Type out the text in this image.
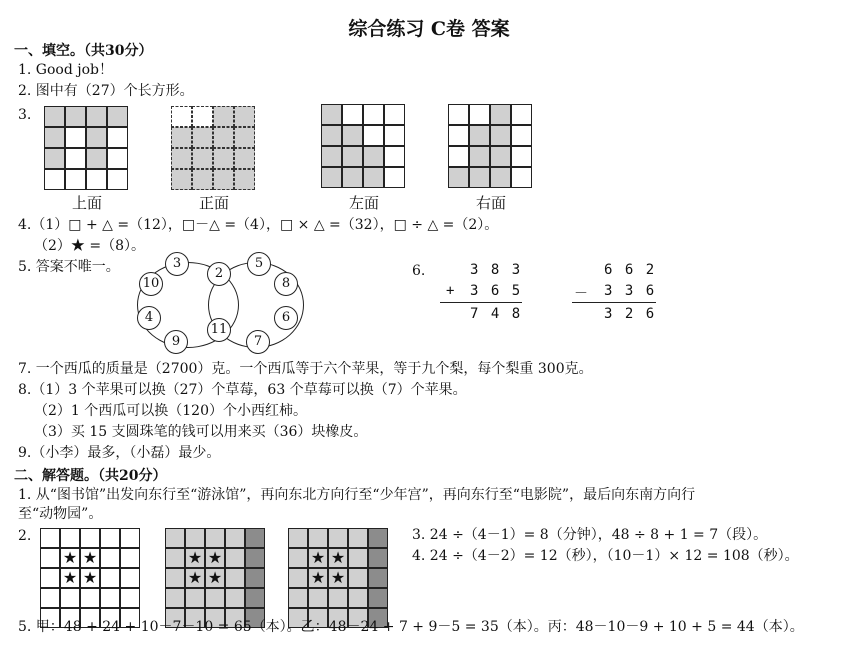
综合练习 C卷 答案
一、填空。（共30分）
1. Good job！
2. 图中有（27）个长方形。
3.
上面	正面	左面	右面
4.（1）□ + △ =（12），□－△ =（4），□ × △ =（32），□ ÷ △ =（2）。
（2）★ =（8）。
5. 答案不唯一。	3
2
5
10	8
4
11
6
9	7
6.	3 8 3
+ 3 6 5
7 4 8
6 6 2
－ 3 3 6
3 2 6
7. 一个西瓜的质量是（2700）克。一个西瓜等于六个苹果，等于九个梨，每个梨重 300克。
8.（1）3 个苹果可以换（27）个草莓，63 个草莓可以换（7）个苹果。
（2）1 个西瓜可以换（120）个小西红柿。
（3）买 15 支圆珠笔的钱可以用来买（36）块橡皮。
9.（小李）最多，（小磊）最少。
二、解答题。（共20分）
1. 从“图书馆”出发向东行至“游泳馆”，再向东北方向行至“少年宫”，再向东行至“电影院”，最后向东南方向行
至“动物园”。
2.
★ ★
★ ★
★ ★
★ ★
★ ★
★ ★
3. 24 ÷（4－1）= 8（分钟），48 ÷ 8 + 1 = 7（段）。
4. 24 ÷（4－2）= 12（秒），（10－1）× 12 = 108（秒）。
5. 甲：48 + 24 + 10－7－10 = 65（本）。乙：48－24 + 7 + 9－5 = 35（本）。丙：48－10－9 + 10 + 5 = 44（本）。
